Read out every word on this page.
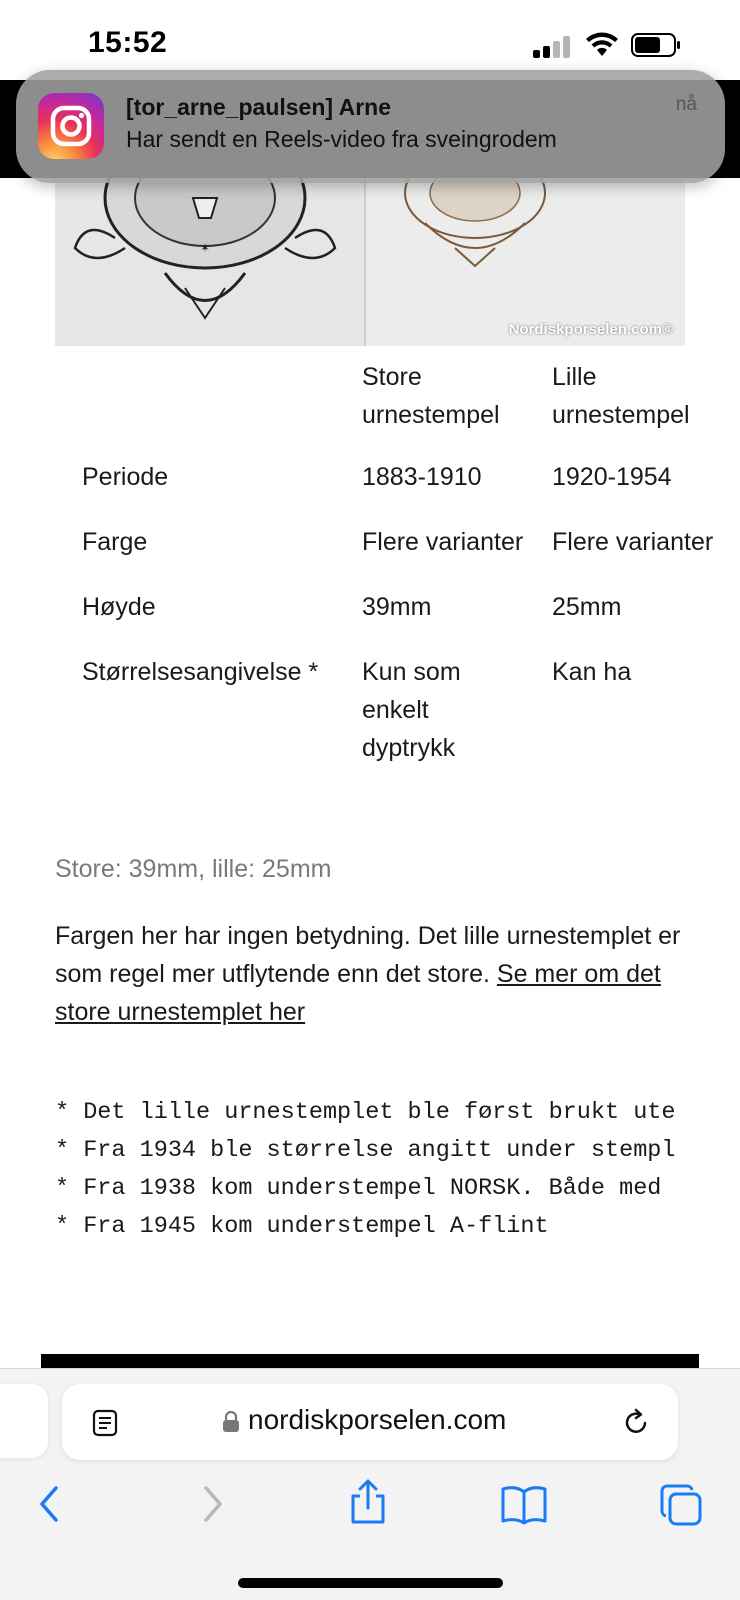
15:52
✶
Nordiskporselen.com©
	Store urnestempel	Lille urnestempel
Periode	1883-1910	1920-1954
Farge	Flere varianter	Flere varianter
Høyde	39mm	25mm
Størrelsesangivelse *	Kun som enkelt dyptrykk	Kan ha
Store: 39mm, lille: 25mm

Fargen her har ingen betydning. Det lille urnestemplet er som regel mer utflytende enn det store. Se mer om det store urnestemplet her

* Det lille urnestemplet ble først brukt ute
* Fra 1934 ble størrelse angitt under stempl
* Fra 1938 kom understempel NORSK. Både med
* Fra 1945 kom understempel A-flint
nordiskporselen.com
[tor_arne_paulsen] Arne
Har sendt en Reels-video fra sveingrodem
nå
